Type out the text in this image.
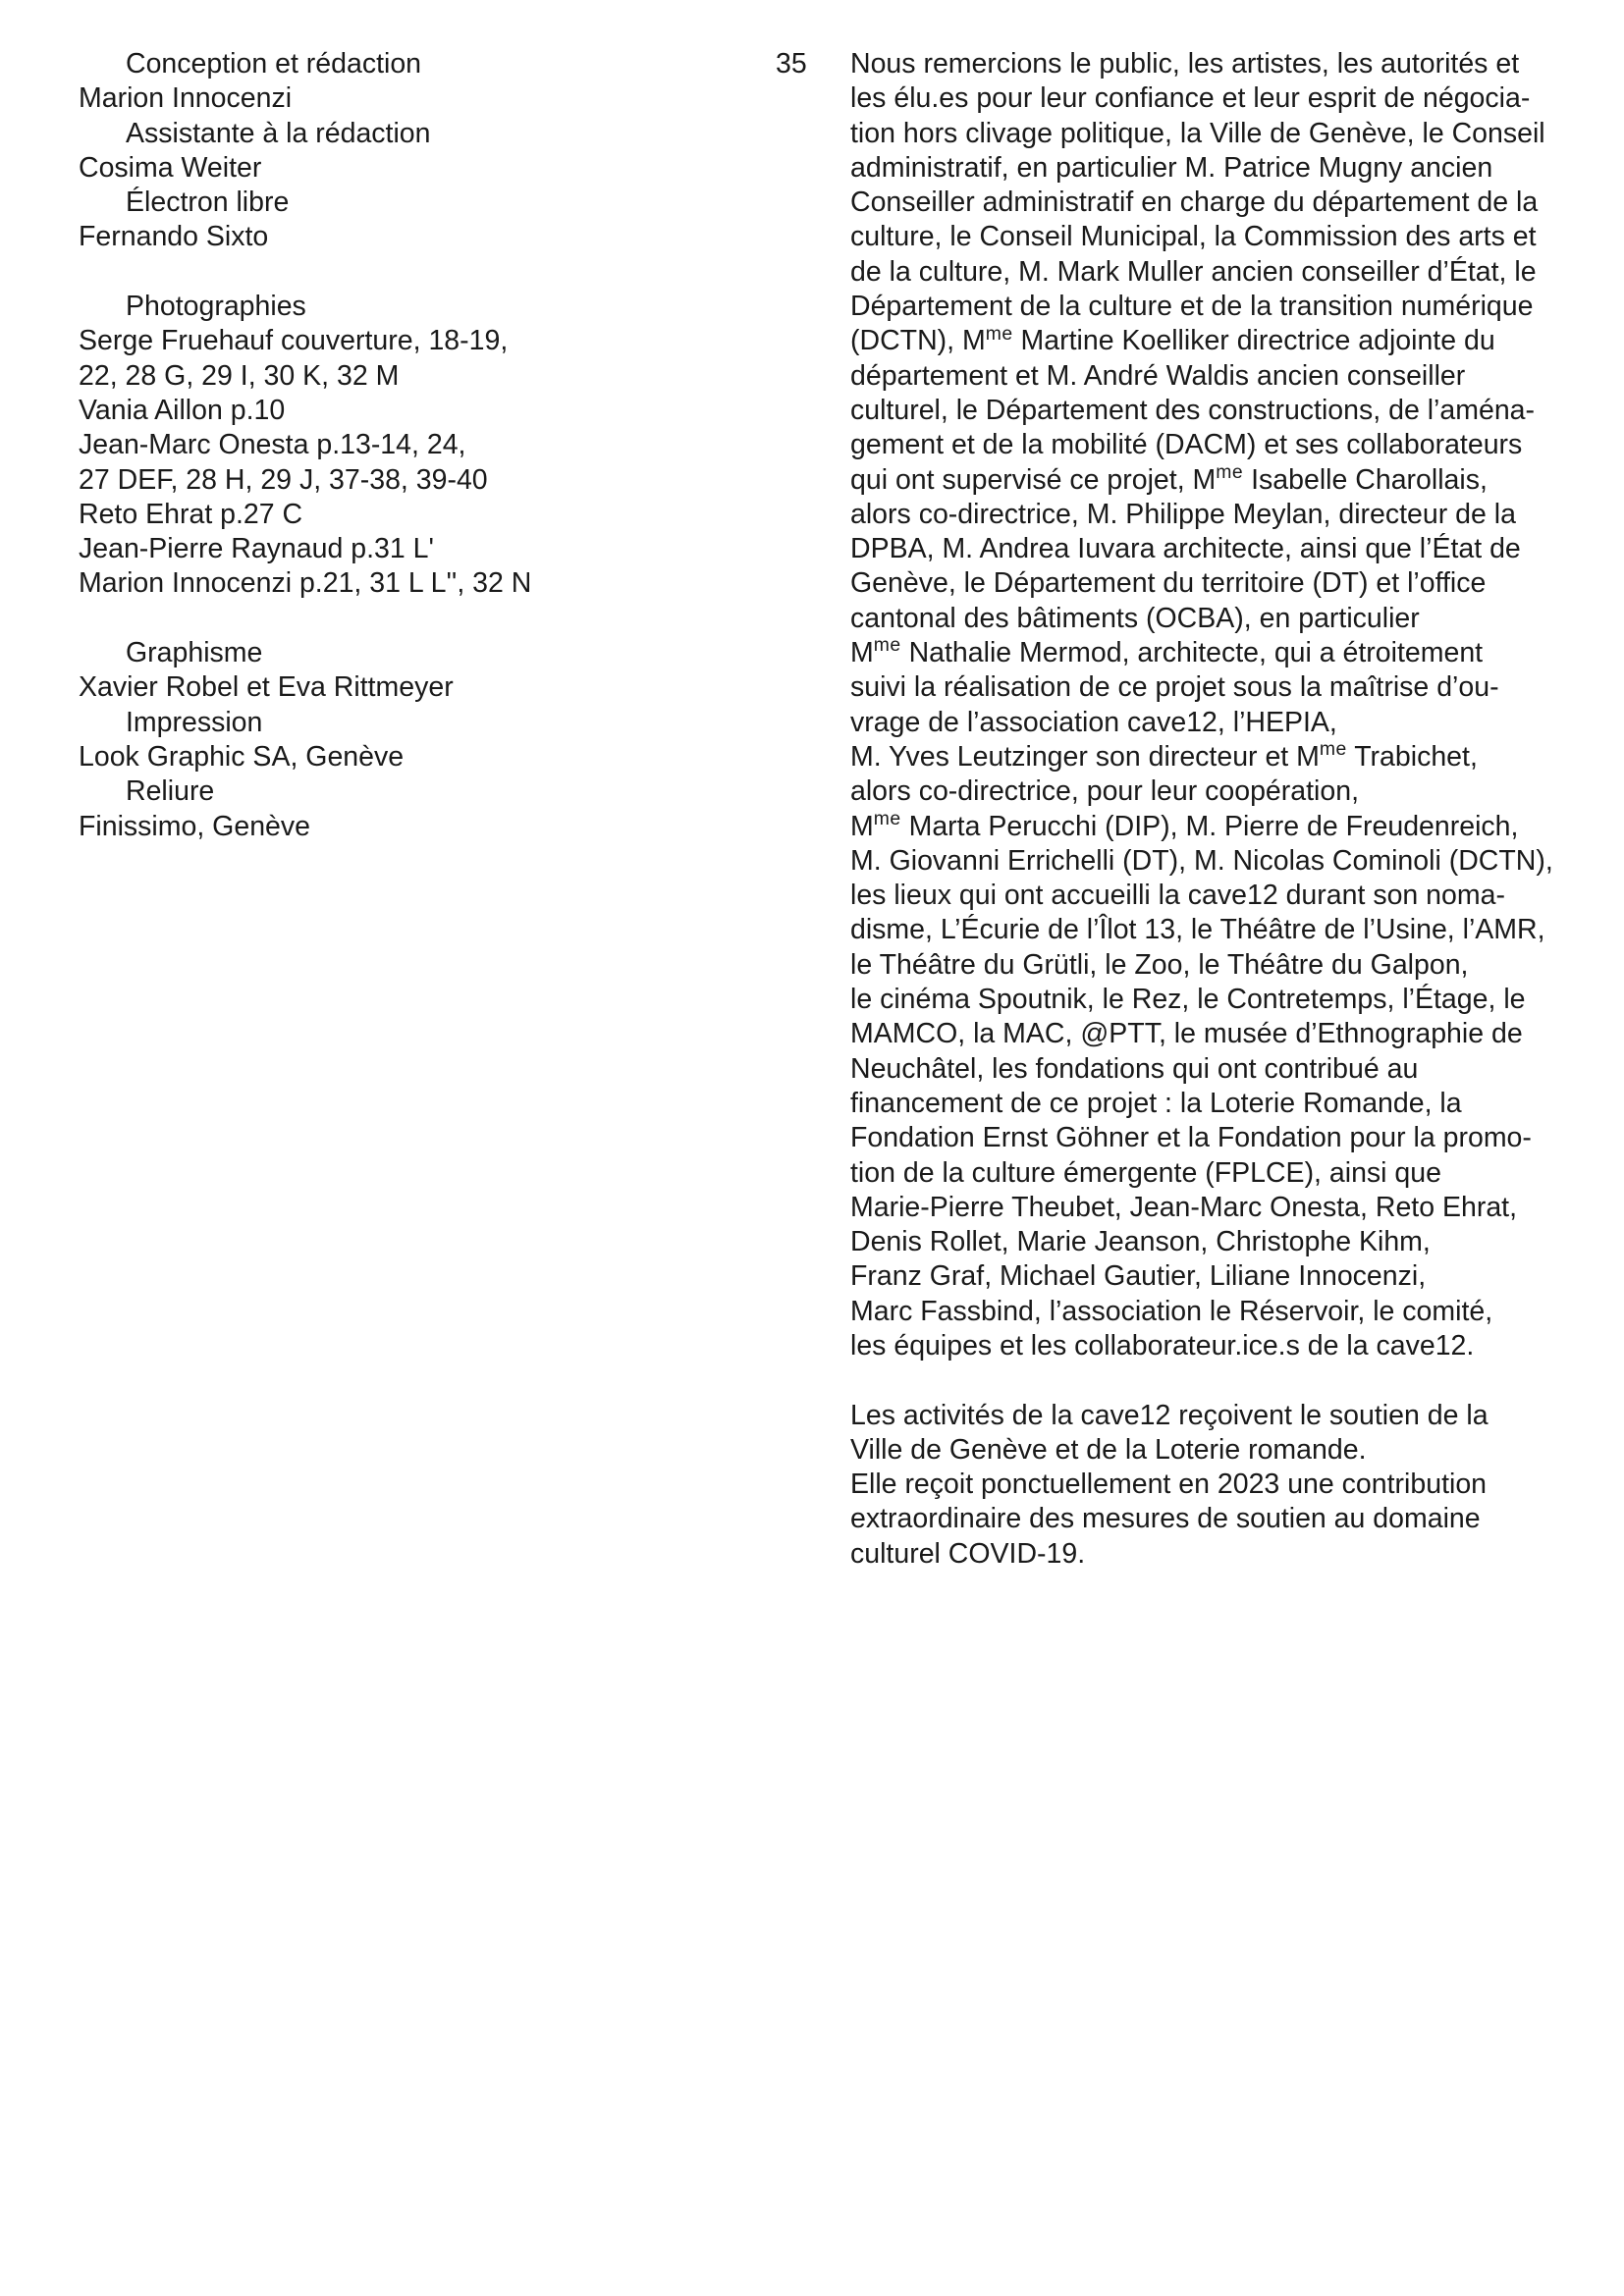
Conception et rédaction
Marion Innocenzi
Assistante à la rédaction
Cosima Weiter
Électron libre
Fernando Sixto
Photographies
Serge Fruehauf couverture, 18-19,
22, 28 G, 29 I, 30 K, 32 M
Vania Aillon p.10
Jean-Marc Onesta p.13-14, 24,
27 DEF, 28 H, 29 J, 37-38, 39-40
Reto Ehrat p.27 C
Jean-Pierre Raynaud p.31 L'
Marion Innocenzi p.21, 31 L L'', 32 N
Graphisme
Xavier Robel et Eva Rittmeyer
Impression
Look Graphic SA, Genève
Reliure
Finissimo, Genève
35 Nous remercions le public, les artistes, les autorités et
les élu.es pour leur confiance et leur esprit de négocia-
tion hors clivage politique, la Ville de Genève, le Conseil
administratif, en particulier M. Patrice Mugny ancien
Conseiller administratif en charge du département de la
culture, le Conseil Municipal, la Commission des arts et
de la culture, M. Mark Muller ancien conseiller d’État, le
Département de la culture et de la transition numérique
(DCTN), $M^{me}$ Martine Koelliker directrice adjointe du
département et M. André Waldis ancien conseiller
culturel, le Département des constructions, de l’aména-
gement et de la mobilité (DACM) et ses collaborateurs
qui ont supervisé ce projet, $M^{me}$ Isabelle Charollais,
alors co-directrice, M. Philippe Meylan, directeur de la
DPBA, M. Andrea Iuvara architecte, ainsi que l’État de
Genève, le Département du territoire (DT) et l’office
cantonal des bâtiments (OCBA), en particulier
$M^{me}$ Nathalie Mermod, architecte, qui a étroitement
suivi la réalisation de ce projet sous la maîtrise d’ou-
vrage de l’association cave12, l’HEPIA,
M. Yves Leutzinger son directeur et $M^{me}$ Trabichet,
alors co-directrice, pour leur coopération,
$M^{me}$ Marta Perucchi (DIP), M. Pierre de Freudenreich,
M. Giovanni Errichelli (DT), M. Nicolas Cominoli (DCTN),
les lieux qui ont accueilli la cave12 durant son noma-
disme, L’Écurie de l’Îlot 13, le Théâtre de l’Usine, l’AMR,
le Théâtre du Grütli, le Zoo, le Théâtre du Galpon,
le cinéma Spoutnik, le Rez, le Contretemps, l’Étage, le
MAMCO, la MAC, @PTT, le musée d’Ethnographie de
Neuchâtel, les fondations qui ont contribué au
financement de ce projet : la Loterie Romande, la
Fondation Ernst Göhner et la Fondation pour la promo-
tion de la culture émergente (FPLCE), ainsi que
Marie-Pierre Theubet, Jean-Marc Onesta, Reto Ehrat,
Denis Rollet, Marie Jeanson, Christophe Kihm,
Franz Graf, Michael Gautier, Liliane Innocenzi,
Marc Fassbind, l’association le Réservoir, le comité,
les équipes et les collaborateur.ice.s de la cave12.
Les activités de la cave12 reçoivent le soutien de la
Ville de Genève et de la Loterie romande.
Elle reçoit ponctuellement en 2023 une contribution
extraordinaire des mesures de soutien au domaine
culturel COVID-19.
